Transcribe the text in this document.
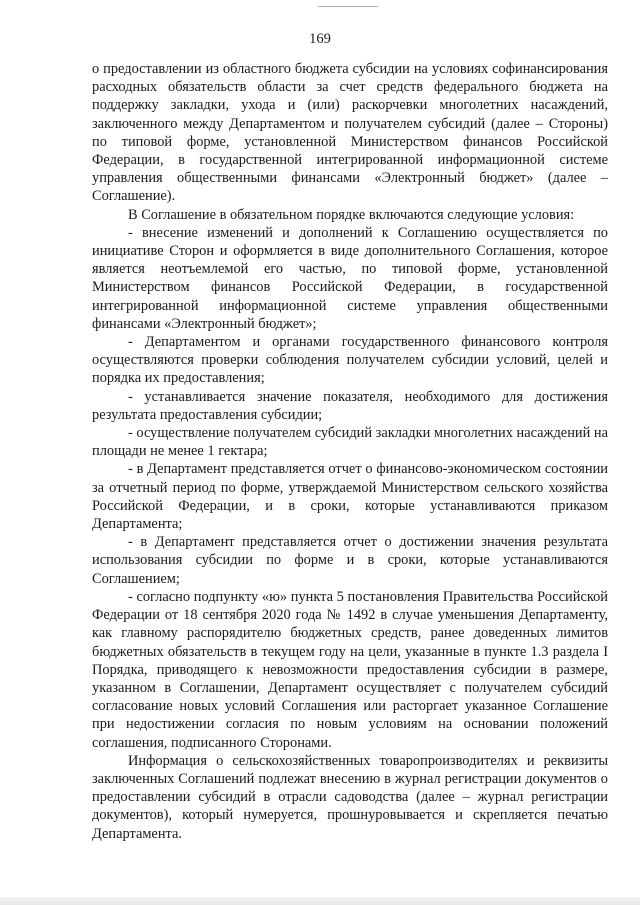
169

о предоставлении из областного бюджета субсидии на условиях софинансирования расходных обязательств области за счет средств федерального бюджета на поддержку закладки, ухода и (или) раскорчевки многолетних насаждений, заключенного между Департаментом и получателем субсидий (далее – Стороны) по типовой форме, установленной Министерством финансов Российской Федерации, в государственной интегрированной информационной системе управления общественными финансами «Электронный бюджет» (далее – Соглашение).

В Соглашение в обязательном порядке включаются следующие условия:

- внесение изменений и дополнений к Соглашению осуществляется по инициативе Сторон и оформляется в виде дополнительного Соглашения, которое является неотъемлемой его частью, по типовой форме, установленной Министерством финансов Российской Федерации, в государственной интегрированной информационной системе управления общественными финансами «Электронный бюджет»;

- Департаментом и органами государственного финансового контроля осуществляются проверки соблюдения получателем субсидии условий, целей и порядка их предоставления;

- устанавливается значение показателя, необходимого для достижения результата предоставления субсидии;

- осуществление получателем субсидий закладки многолетних насаждений на площади не менее 1 гектара;

- в Департамент представляется отчет о финансово-экономическом состоянии за отчетный период по форме, утверждаемой Министерством сельского хозяйства Российской Федерации, и в сроки, которые устанавливаются приказом Департамента;

- в Департамент представляется отчет о достижении значения результата использования субсидии по форме и в сроки, которые устанавливаются Соглашением;

- согласно подпункту «ю» пункта 5 постановления Правительства Российской Федерации от 18 сентября 2020 года № 1492 в случае уменьшения Департаменту, как главному распорядителю бюджетных средств, ранее доведенных лимитов бюджетных обязательств в текущем году на цели, указанные в пункте 1.3 раздела I Порядка, приводящего к невозможности предоставления субсидии в размере, указанном в Соглашении, Департамент осуществляет с получателем субсидий согласование новых условий Соглашения или расторгает указанное Соглашение при недостижении согласия по новым условиям на основании положений соглашения, подписанного Сторонами.

Информация о сельскохозяйственных товаропроизводителях и реквизиты заключенных Соглашений подлежат внесению в журнал регистрации документов о предоставлении субсидий в отрасли садоводства (далее – журнал регистрации документов), который нумеруется, прошнуровывается и скрепляется печатью Департамента.
